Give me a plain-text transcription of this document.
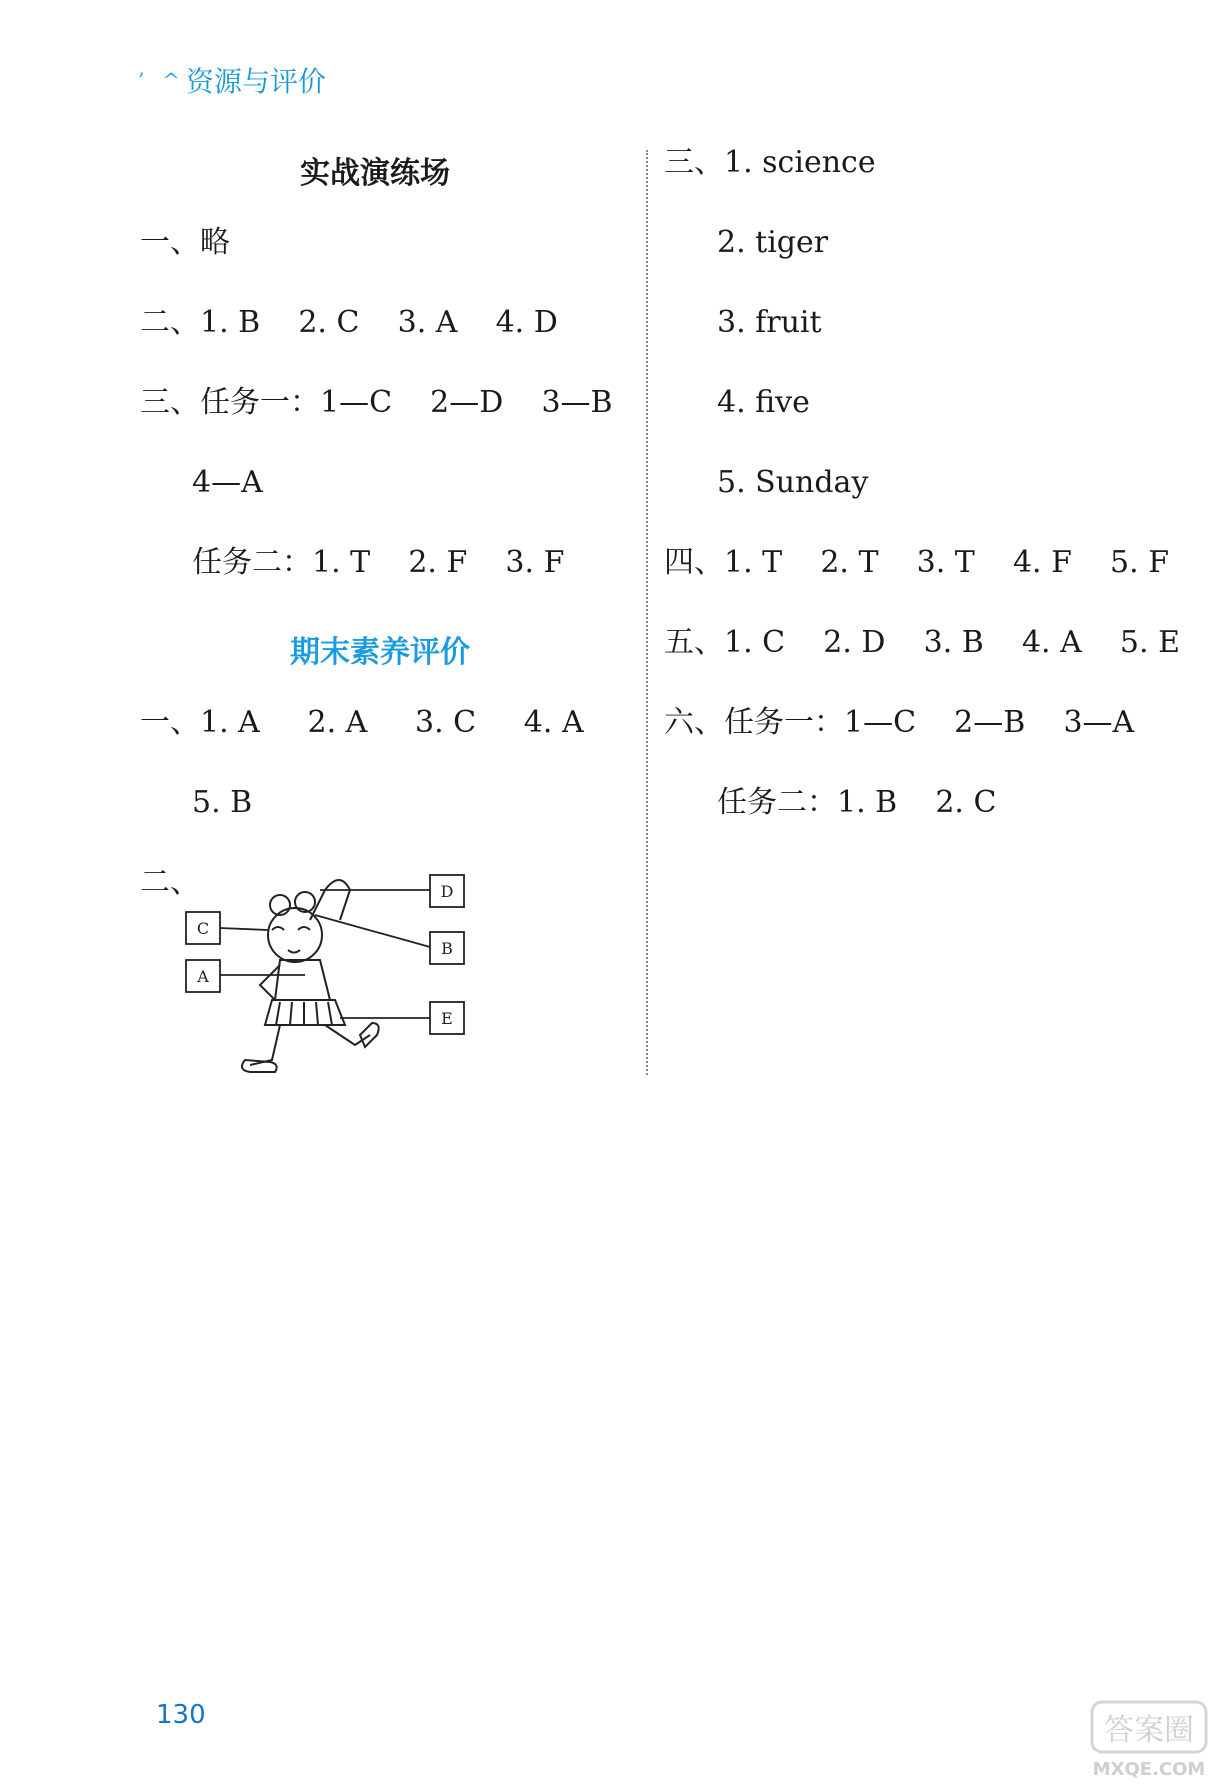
’ ^ 资源与评价
实战演练场
一、略
二、1. B    2. C    3. A    4. D
三、任务一：1—C    2—D    3—B
4—A
任务二：1. T    2. F    3. F
期末素养评价
一、1. A     2. A     3. C     4. A
5. B
二、	D
C
B
A
E
三、1. science
2. tiger
3. fruit
4. five
5. Sunday
四、1. T    2. T    3. T    4. F    5. F
五、1. C    2. D    3. B    4. A    5. E
六、任务一：1—C    2—B    3—A
任务二：1. B    2. C
130	答案圈
MXQE.COM
